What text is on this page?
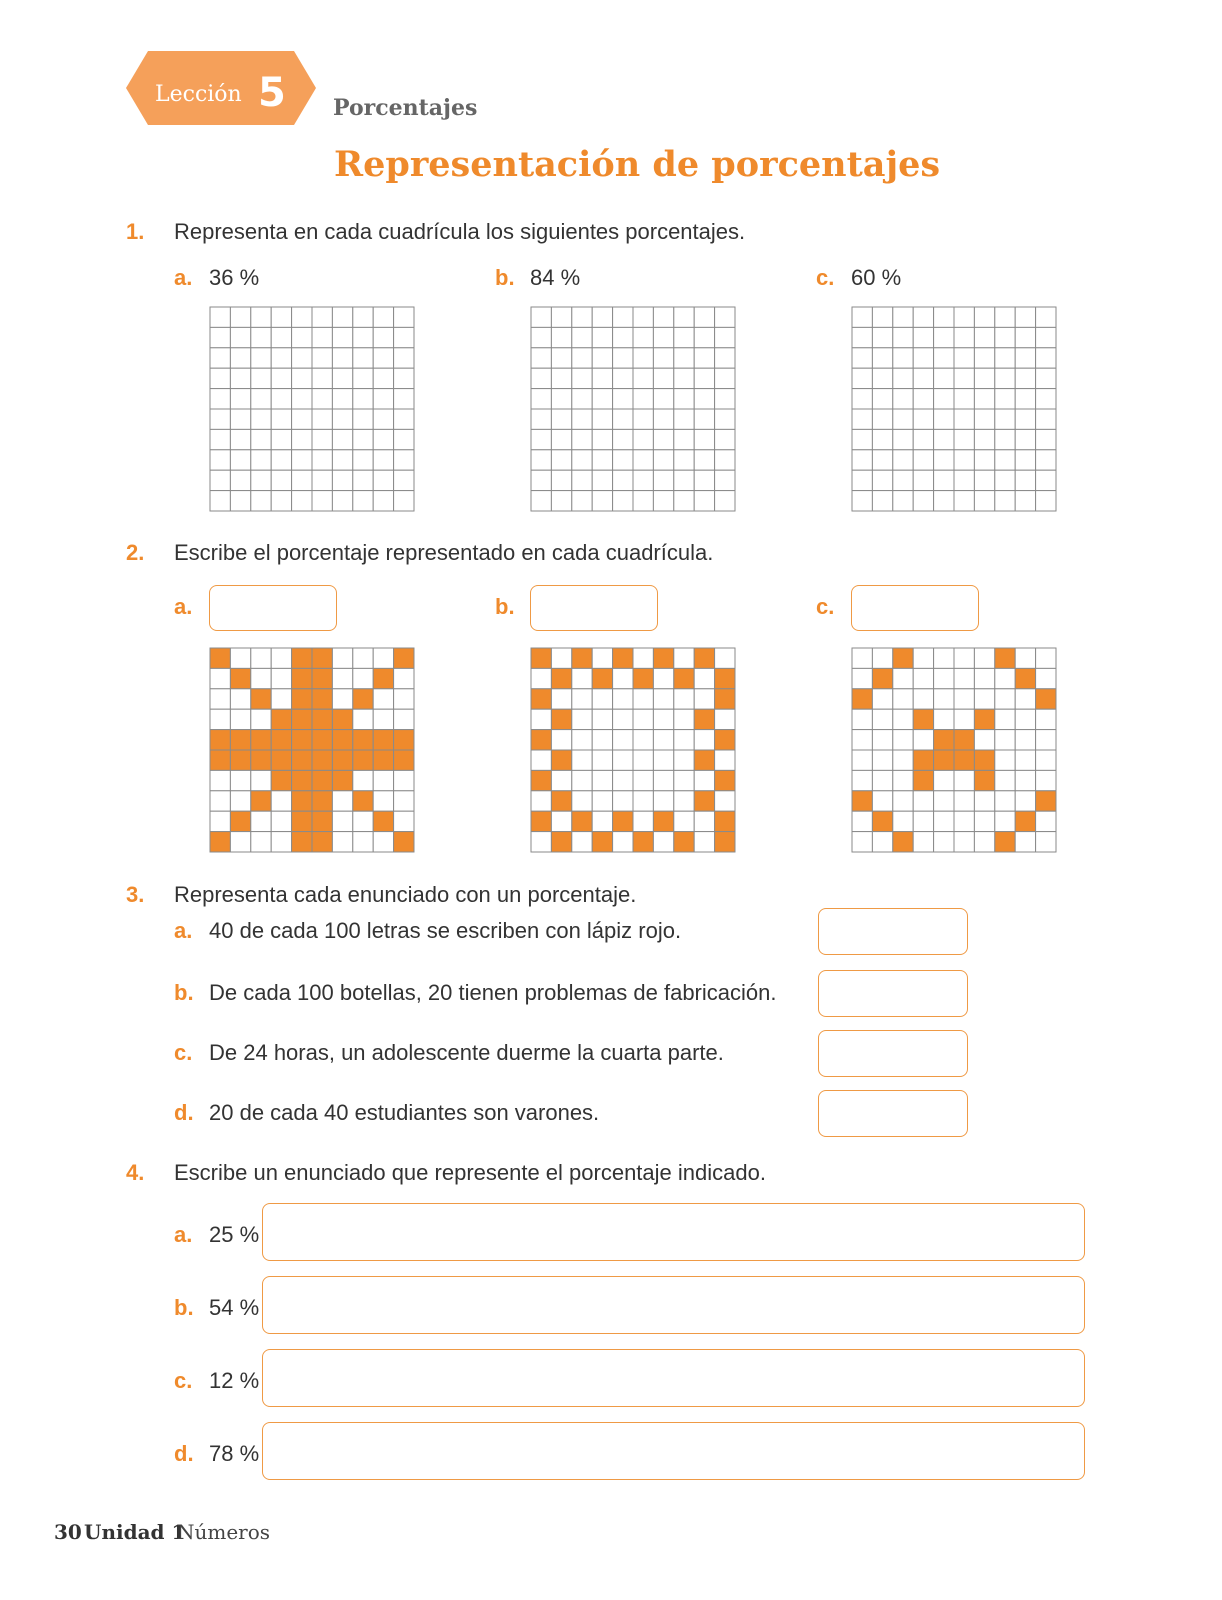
Lección 5 Porcentajes
Representación de porcentajes
1. Representa en cada cuadrícula los siguientes porcentajes.
a. 36 %	b. 84 %	c. 60 %
2. Escribe el porcentaje representado en cada cuadrícula.
a.	b.	c.
3. Representa cada enunciado con un porcentaje.
a. 40 de cada 100 letras se escriben con lápiz rojo.
b. De cada 100 botellas, 20 tienen problemas de fabricación.
c. De 24 horas, un adolescente duerme la cuarta parte.
d. 20 de cada 40 estudiantes son varones.
4. Escribe un enunciado que represente el porcentaje indicado.
a. 25 %
b. 54 %
c. 12 %
d. 78 %
30 Unidad 1
Números
